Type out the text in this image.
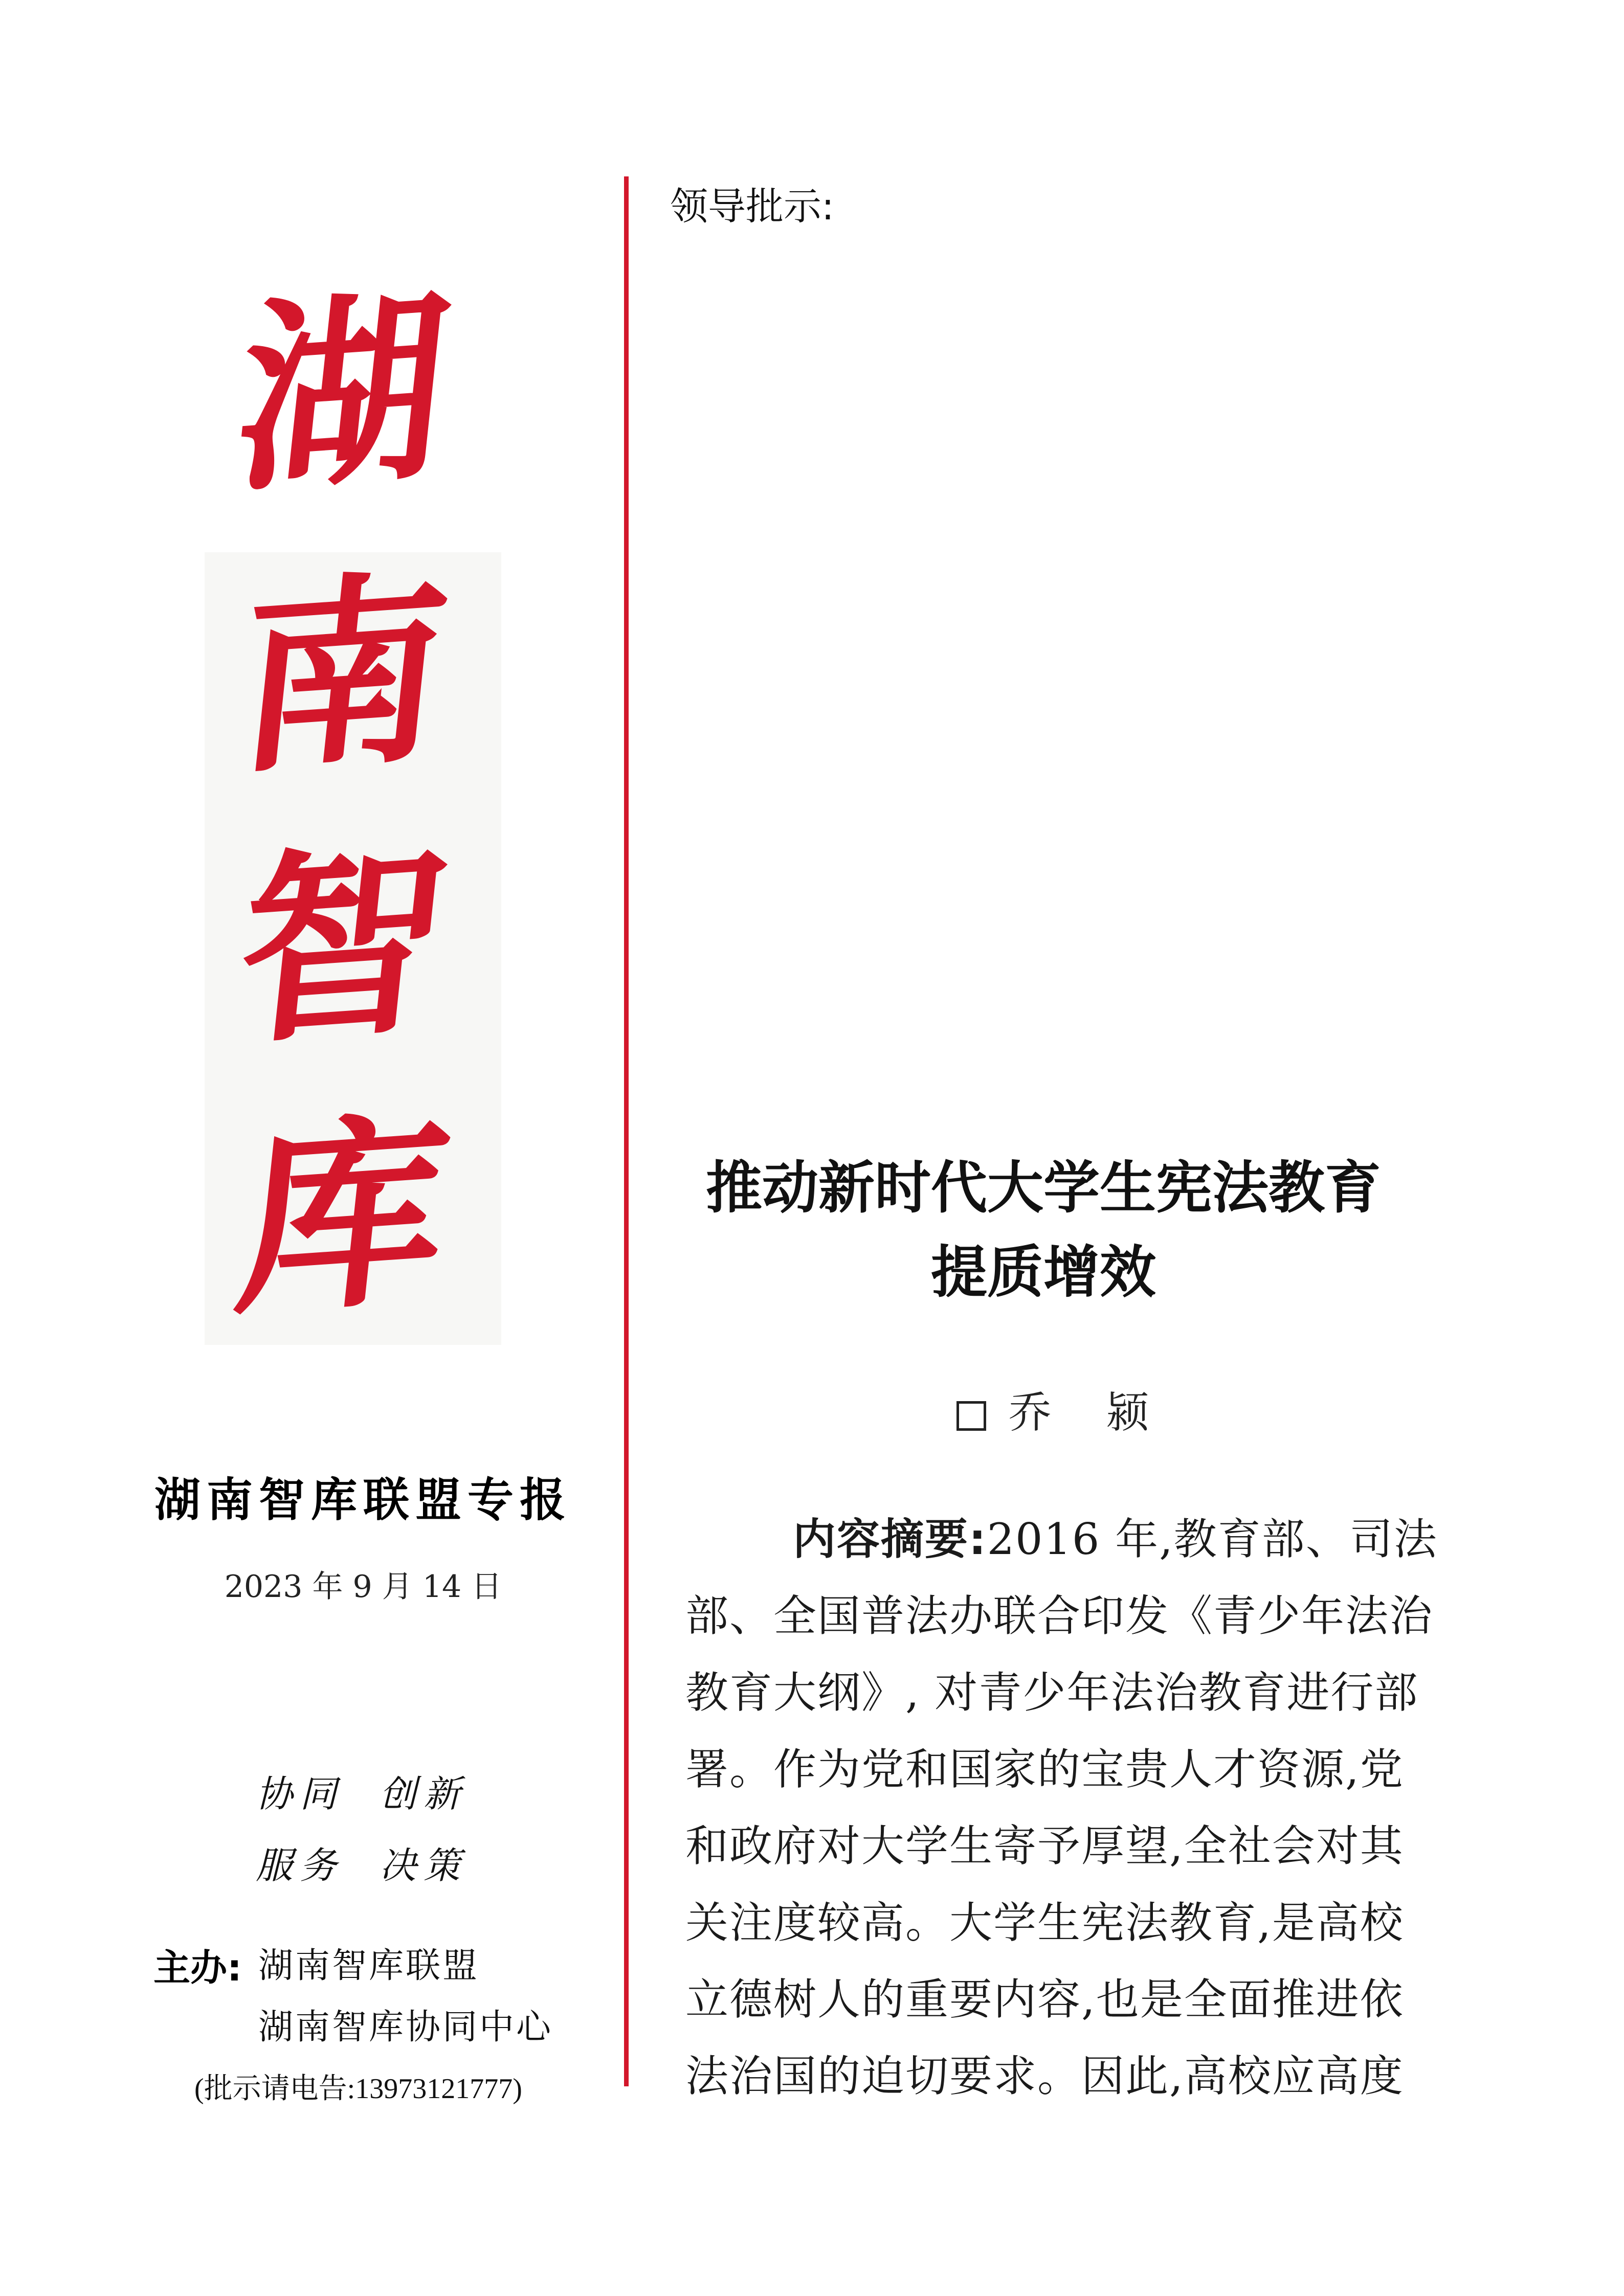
湖
南
智
库
湖南智库联盟专报
2023 年 9 月 14 日
协同 创新
服务 决策
主办: 湖南智库联盟
湖南智库协同中心
(批示请电告:13973121777)
领导批示:
推动新时代大学生宪法教育
提质增效
乔 颍
内容摘要:2016 年,教育部、司法
部、全国普法办联合印发《青少年法治
教育大纲》, 对青少年法治教育进行部
署。作为党和国家的宝贵人才资源,党
和政府对大学生寄予厚望,全社会对其
关注度较高。大学生宪法教育,是高校
立德树人的重要内容,也是全面推进依
法治国的迫切要求。因此,高校应高度
